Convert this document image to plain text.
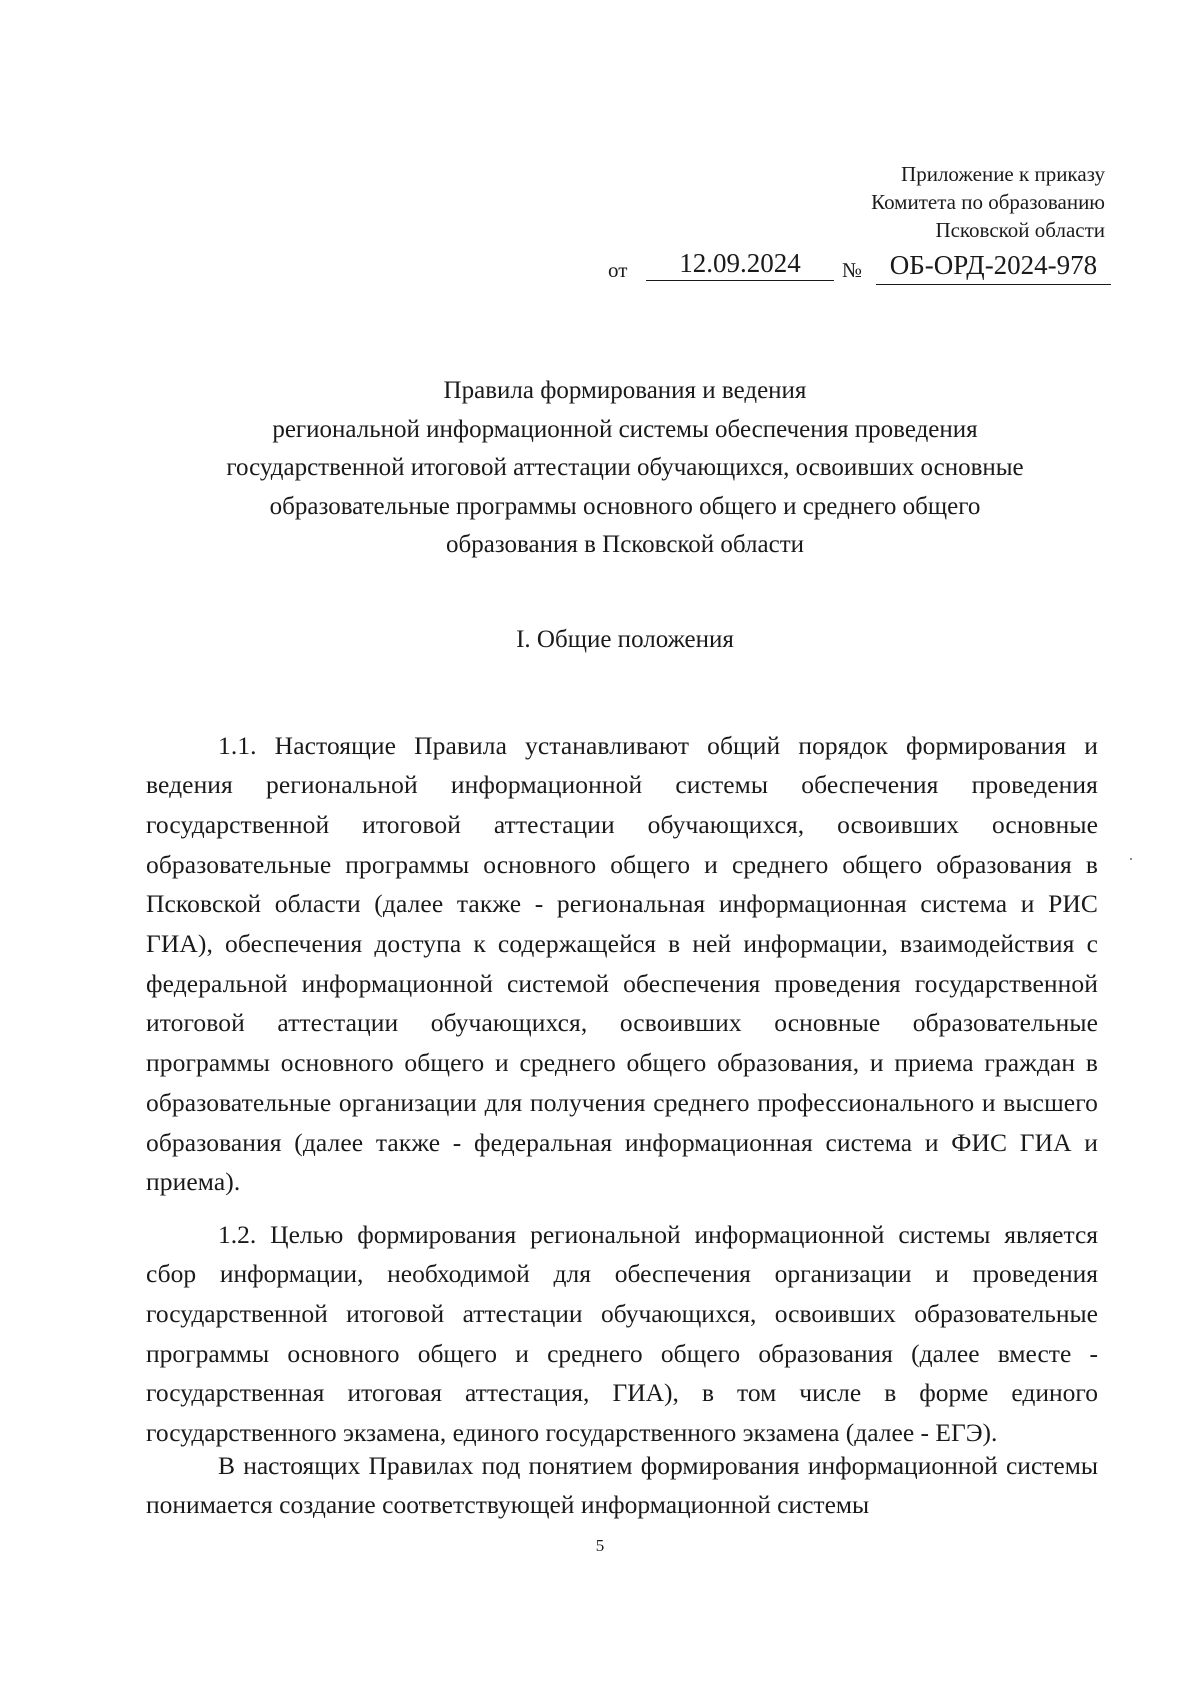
Приложение к приказу
Комитета по образованию
Псковской области
от	12.09.2024	№	ОБ-ОРД-2024-978
Правила формирования и ведения
региональной информационной системы обеспечения проведения
государственной итоговой аттестации обучающихся, освоивших основные
образовательные программы основного общего и среднего общего
образования в Псковской области
I. Общие положения

1.1. Настоящие Правила устанавливают общий порядок формирования и ведения региональной информационной системы обеспечения проведения государственной итоговой аттестации обучающихся, освоивших основные образовательные программы основного общего и среднего общего образования в Псковской области (далее также - региональная информационная система и РИС ГИА), обеспечения доступа к содержащейся в ней информации, взаимодействия с федеральной информационной системой обеспечения проведения государственной итоговой аттестации обучающихся, освоивших основные образовательные программы основного общего и среднего общего образования, и приема граждан в образовательные организации для получения среднего профессионального и высшего образования (далее также - федеральная информационная система и ФИС ГИА и приема).

1.2. Целью формирования региональной информационной системы является сбор информации, необходимой для обеспечения организации и проведения государственной итоговой аттестации обучающихся, освоивших образовательные программы основного общего и среднего общего образования (далее вместе - государственная итоговая аттестация, ГИА), в том числе в форме единого государственного экзамена, единого государственного экзамена (далее - ЕГЭ).

В настоящих Правилах под понятием формирования информационной системы понимается создание соответствующей информационной системы

5
